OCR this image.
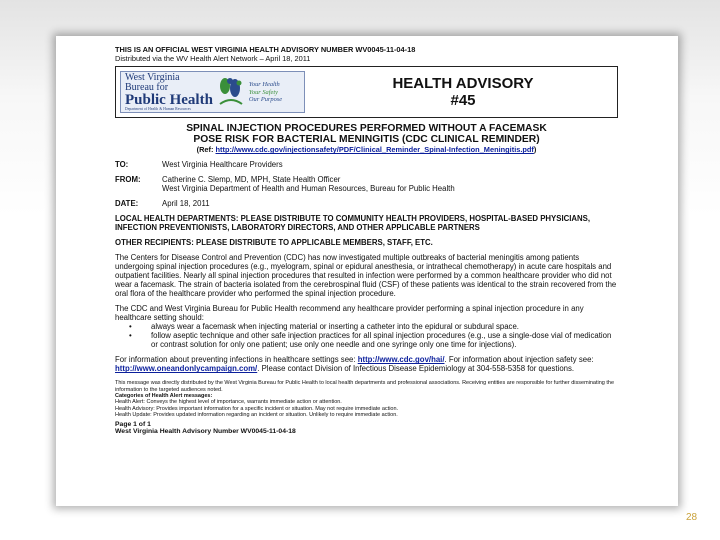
THIS IS AN OFFICIAL WEST VIRGINIA HEALTH ADVISORY NUMBER WV0045-11-04-18
Distributed via the WV Health Alert Network – April 18, 2011
West Virginia
Bureau for
Public Health
Department of Health & Human Resources
Your Health
Your Safety
Our Purpose
HEALTH ADVISORY
#45
SPINAL INJECTION PROCEDURES PERFORMED WITHOUT A FACEMASK
POSE RISK FOR BACTERIAL MENINGITIS (CDC CLINICAL REMINDER)
(Ref: http://www.cdc.gov/injectionsafety/PDF/Clinical_Reminder_Spinal-Infection_Meningitis.pdf)
TO:	West Virginia Healthcare Providers
FROM:	Catherine C. Slemp, MD, MPH, State Health Officer
West Virginia Department of Health and Human Resources, Bureau for Public Health
DATE:	April 18, 2011
LOCAL HEALTH DEPARTMENTS: PLEASE DISTRIBUTE TO COMMUNITY HEALTH PROVIDERS, HOSPITAL-BASED PHYSICIANS, INFECTION PREVENTIONISTS, LABORATORY DIRECTORS, AND OTHER APPLICABLE PARTNERS
OTHER RECIPIENTS: PLEASE DISTRIBUTE TO APPLICABLE MEMBERS, STAFF, ETC.
The Centers for Disease Control and Prevention (CDC) has now investigated multiple outbreaks of bacterial meningitis among patients undergoing spinal injection procedures (e.g., myelogram, spinal or epidural anesthesia, or intrathecal chemotherapy) in acute care hospitals and outpatient facilities. Nearly all spinal injection procedures that resulted in infection were performed by a common healthcare provider who did not wear a facemask. The strain of bacteria isolated from the cerebrospinal fluid (CSF) of these patients was identical to the strain recovered from the oral flora of the healthcare provider who performed the spinal injection procedure.
The CDC and West Virginia Bureau for Public Health recommend any healthcare provider performing a spinal injection procedure in any healthcare setting should:
• always wear a facemask when injecting material or inserting a catheter into the epidural or subdural space.
• follow aseptic technique and other safe injection practices for all spinal injection procedures (e.g., use a single-dose vial of medication or contrast solution for only one patient; use only one needle and one syringe only one time for injections).
For information about preventing infections in healthcare settings see: http://www.cdc.gov/hai/. For information about injection safety see: http://www.oneandonlycampaign.com/. Please contact Division of Infectious Disease Epidemiology at 304-558-5358 for questions.
This message was directly distributed by the West Virginia Bureau for Public Health to local health departments and professional associations. Receiving entities are responsible for further disseminating the information to the targeted audiences noted.
Categories of Health Alert messages:
Health Alert: Conveys the highest level of importance, warrants immediate action or attention.
Health Advisory: Provides important information for a specific incident or situation. May not require immediate action.
Health Update: Provides updated information regarding an incident or situation. Unlikely to require immediate action.
Page 1 of 1
West Virginia Health Advisory Number WV0045-11-04-18
28
